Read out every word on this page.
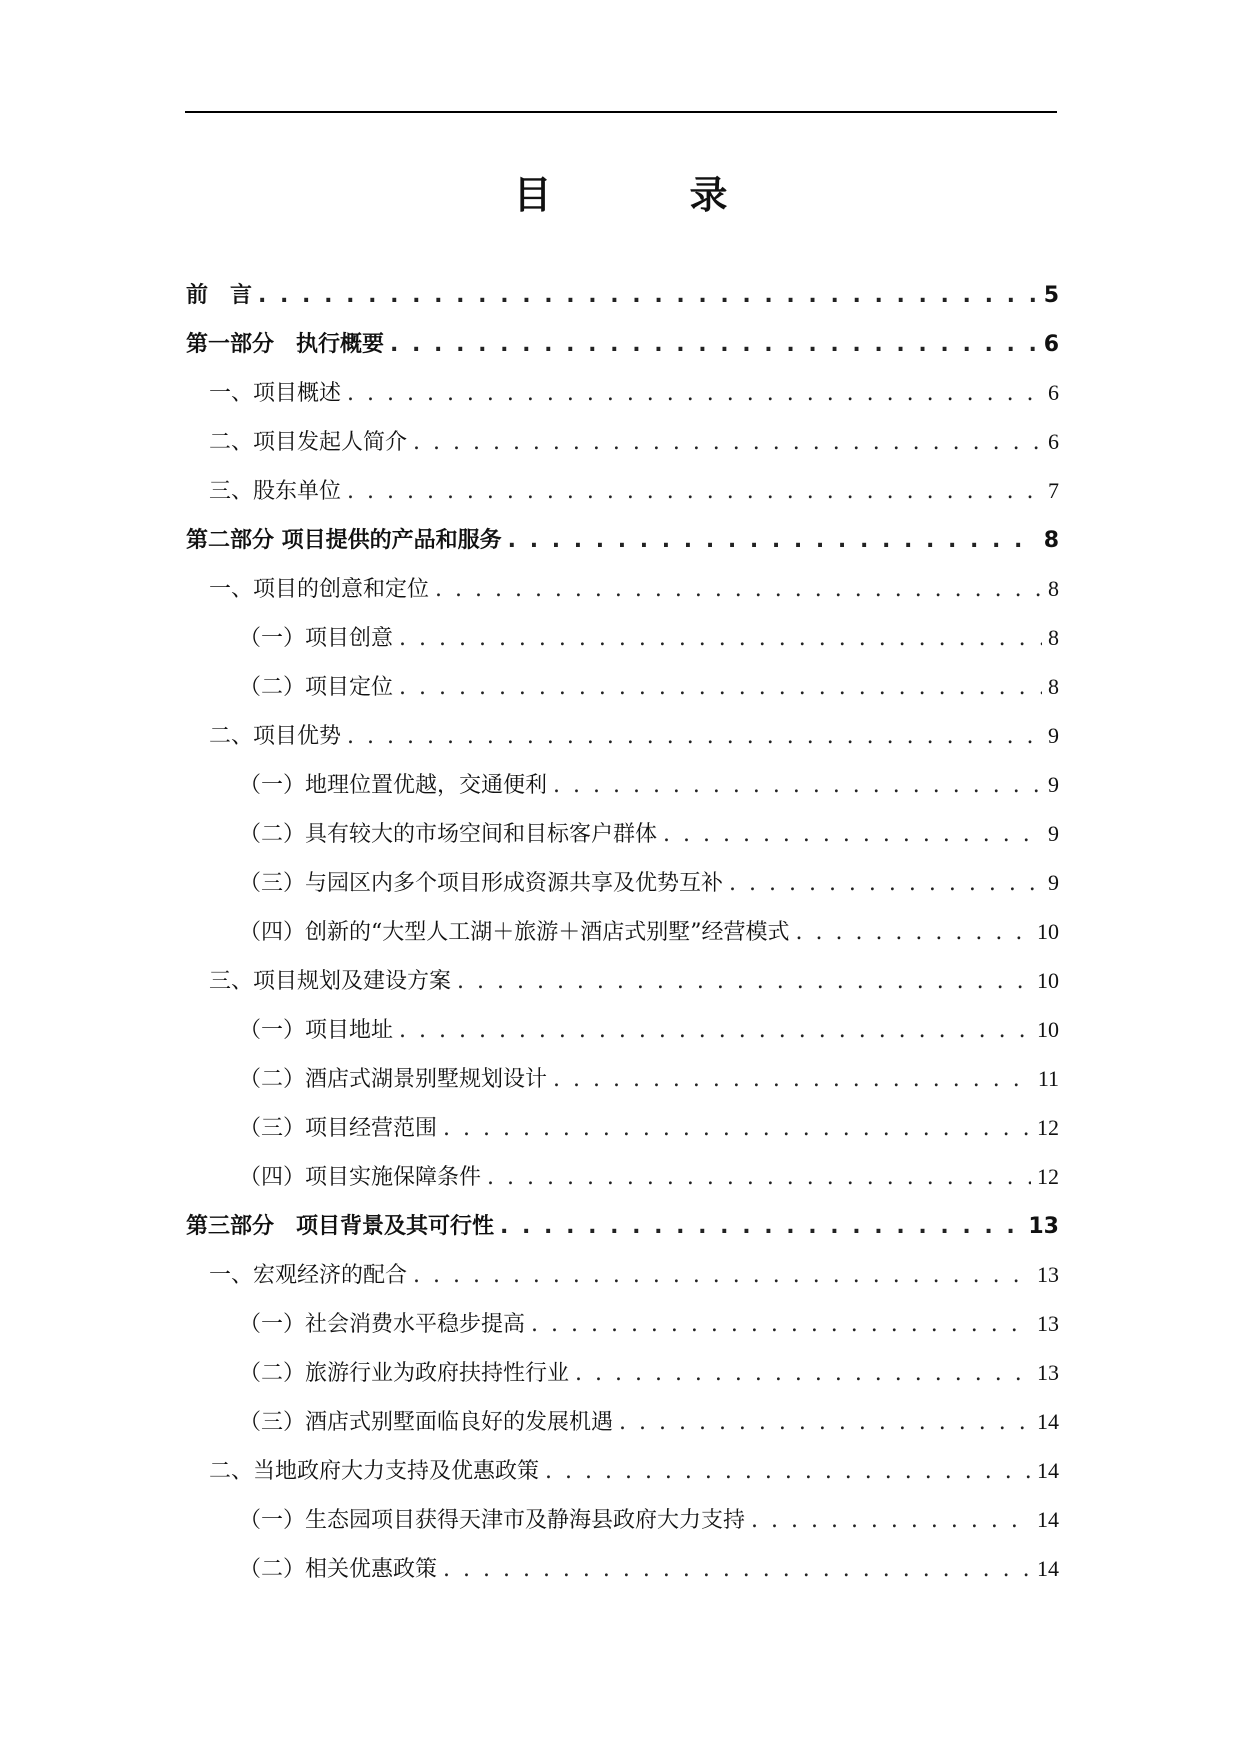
目　录
前　言 . . .	5
第一部分　执行概要 . . .	6
一、项目概述 . . .	6
二、项目发起人简介 . . .	6
三、股东单位 . . .	7
第二部分 项目提供的产品和服务 . . .	8
一、项目的创意和定位 . . .	8
（一）项目创意 . . .	8
（二）项目定位 . . .	8
二、项目优势 . . .	9
（一）地理位置优越，交通便利 . . .	9
（二）具有较大的市场空间和目标客户群体 . . .	9
（三）与园区内多个项目形成资源共享及优势互补 . . .	9
（四）创新的“大型人工湖＋旅游＋酒店式别墅”经营模式 . . .	10
三、项目规划及建设方案 . . .	10
（一）项目地址 . . .	10
（二）酒店式湖景别墅规划设计 . . .	11
（三）项目经营范围 . . .	12
（四）项目实施保障条件 . . .	12
第三部分　项目背景及其可行性 . . .	13
一、宏观经济的配合 . . .	13
（一）社会消费水平稳步提高 . . .	13
（二）旅游行业为政府扶持性行业 . . .	13
（三）酒店式别墅面临良好的发展机遇 . . .	14
二、当地政府大力支持及优惠政策 . . .	14
（一）生态园项目获得天津市及静海县政府大力支持 . . .	14
（二）相关优惠政策 . . .	14
